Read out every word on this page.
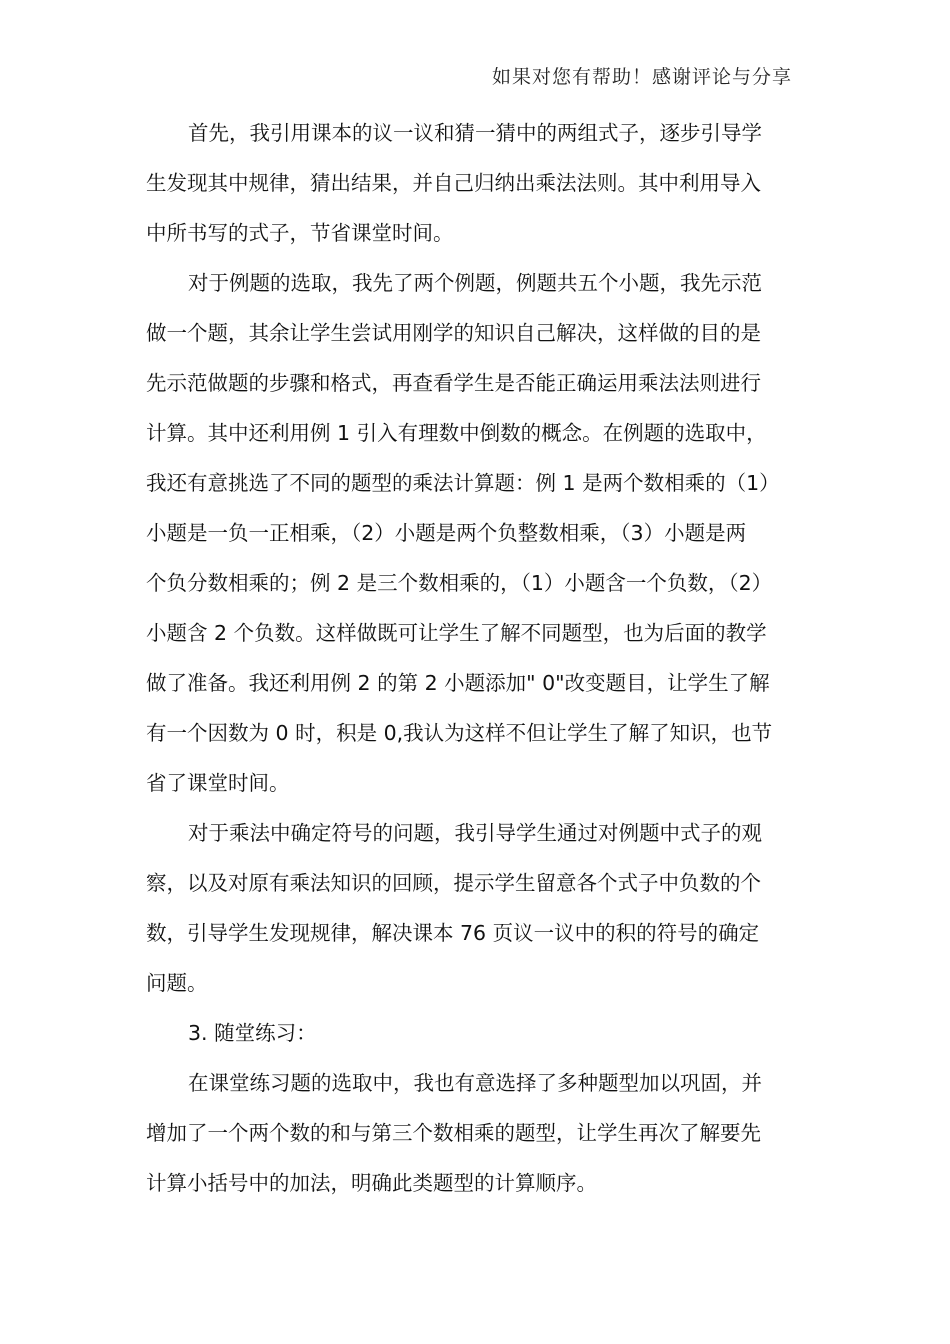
如果对您有帮助！感谢评论与分享
首先，我引用课本的议一议和猜一猜中的两组式子，逐步引导学
生发现其中规律，猜出结果，并自己归纳出乘法法则。其中利用导入
中所书写的式子，节省课堂时间。
对于例题的选取，我先了两个例题，例题共五个小题，我先示范
做一个题，其余让学生尝试用刚学的知识自己解决，这样做的目的是
先示范做题的步骤和格式，再查看学生是否能正确运用乘法法则进行
计算。其中还利用例 1 引入有理数中倒数的概念。在例题的选取中，
我还有意挑选了不同的题型的乘法计算题：例 1 是两个数相乘的（1）
小题是一负一正相乘，（2）小题是两个负整数相乘，（3）小题是两
个负分数相乘的；例 2 是三个数相乘的，（1）小题含一个负数，（2）
小题含 2 个负数。这样做既可让学生了解不同题型，也为后面的教学
做了准备。我还利用例 2 的第 2 小题添加" 0"改变题目，让学生了解
有一个因数为 0 时，积是 0,我认为这样不但让学生了解了知识，也节
省了课堂时间。
对于乘法中确定符号的问题，我引导学生通过对例题中式子的观
察，以及对原有乘法知识的回顾，提示学生留意各个式子中负数的个
数，引导学生发现规律，解决课本 76 页议一议中的积的符号的确定
问题。
3. 随堂练习：
在课堂练习题的选取中，我也有意选择了多种题型加以巩固，并
增加了一个两个数的和与第三个数相乘的题型，让学生再次了解要先
计算小括号中的加法，明确此类题型的计算顺序。
